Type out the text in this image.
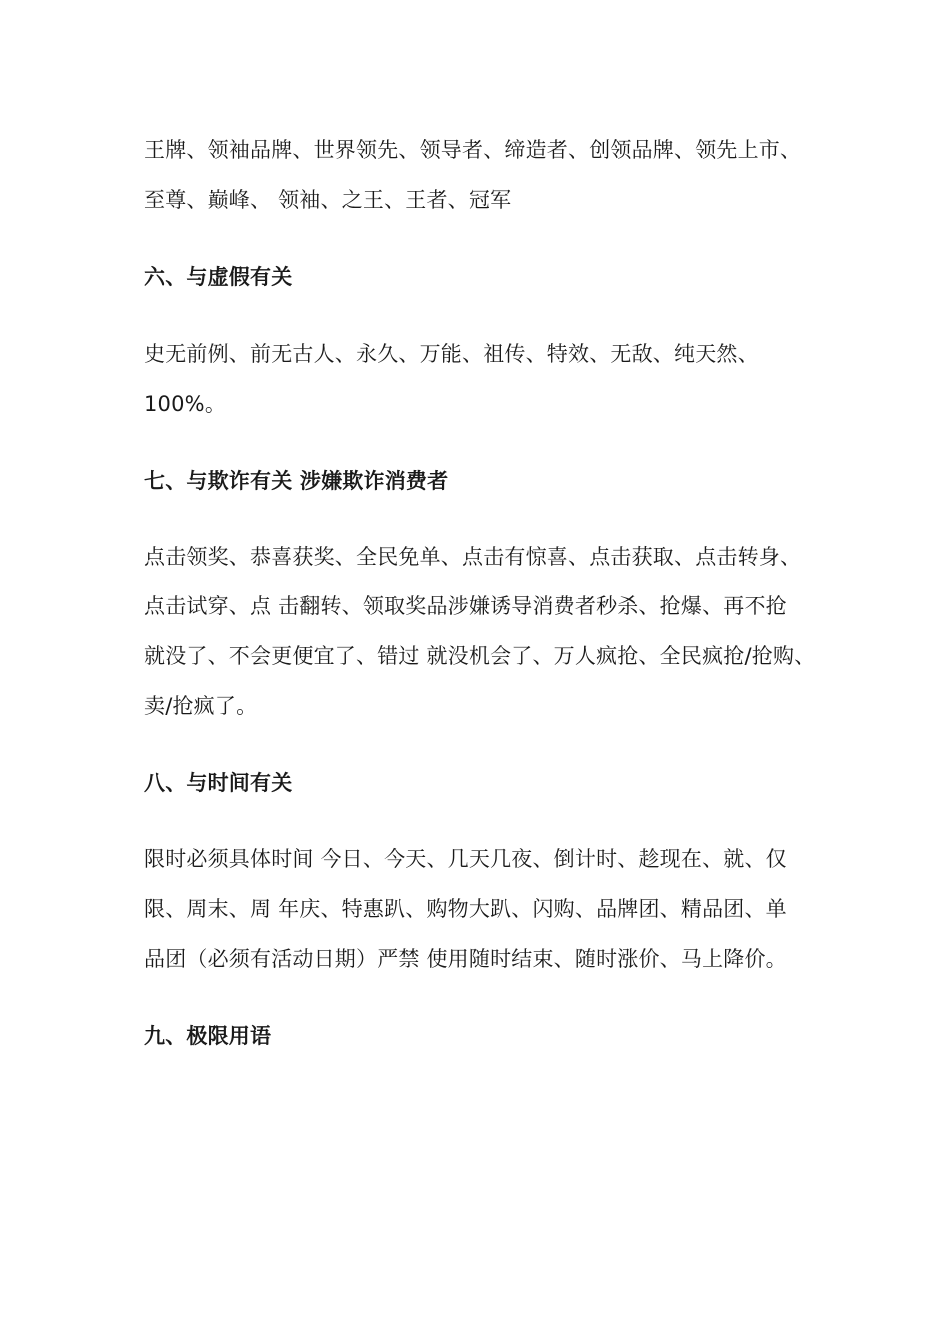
王牌、领袖品牌、世界领先、领导者、缔造者、创领品牌、领先上市、
至尊、巅峰、 领袖、之王、王者、冠军
六、与虚假有关
史无前例、前无古人、永久、万能、祖传、特效、无敌、纯天然、
100%。
七、与欺诈有关 涉嫌欺诈消费者
点击领奖、恭喜获奖、全民免单、点击有惊喜、点击获取、点击转身、
点击试穿、点 击翻转、领取奖品涉嫌诱导消费者秒杀、抢爆、再不抢
就没了、不会更便宜了、错过 就没机会了、万人疯抢、全民疯抢/抢购、
卖/抢疯了。
八、与时间有关
限时必须具体时间 今日、今天、几天几夜、倒计时、趁现在、就、仅
限、周末、周 年庆、特惠趴、购物大趴、闪购、品牌团、精品团、单
品团（必须有活动日期）严禁 使用随时结束、随时涨价、马上降价。
九、极限用语
